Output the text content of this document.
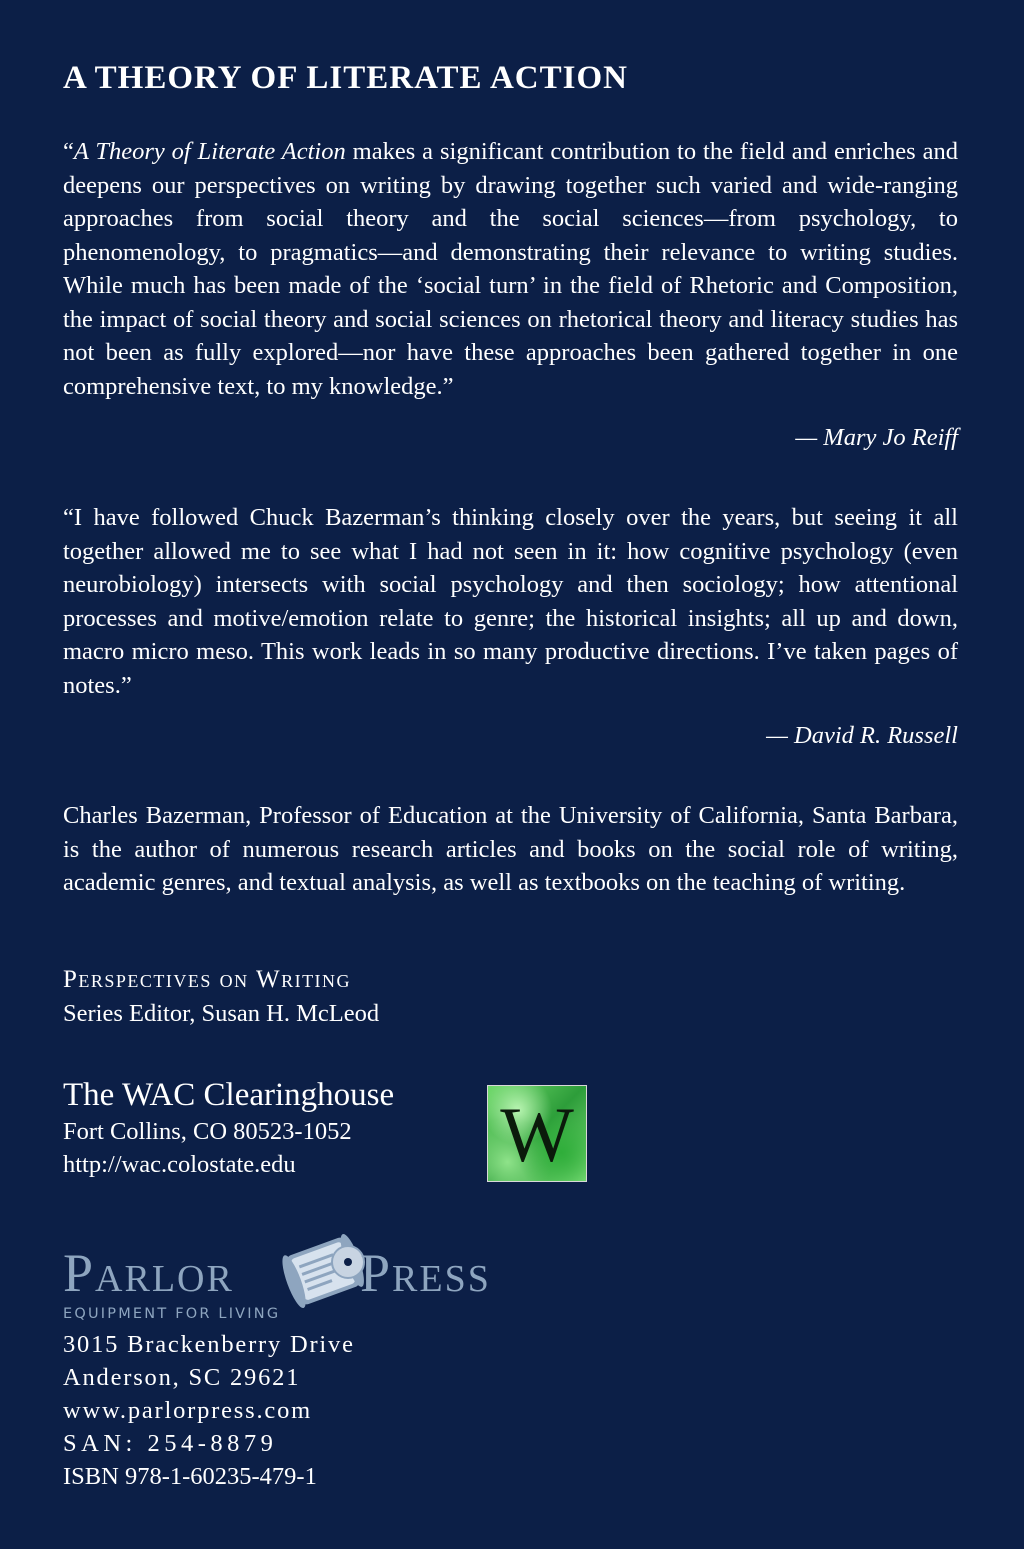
A THEORY OF LITERATE ACTION

“A Theory of Literate Action makes a significant contribution to the field and enriches and deepens our perspectives on writing by drawing together such varied and wide-ranging approaches from social theory and the social sciences—from psychology, to phenomenology, to pragmatics—and demonstrating their relevance to writing studies. While much has been made of the ‘social turn’ in the field of Rhetoric and Composition, the impact of social theory and social sciences on rhetorical theory and literacy studies has not been as fully explored—nor have these approaches been gathered together in one comprehensive text, to my knowledge.”

— Mary Jo Reiff

“I have followed Chuck Bazerman’s thinking closely over the years, but seeing it all together allowed me to see what I had not seen in it: how cognitive psychology (even neurobiology) intersects with social psychology and then sociology; how attentional processes and motive/emotion relate to genre; the historical insights; all up and down, macro micro meso. This work leads in so many productive directions. I’ve taken pages of notes.”

— David R. Russell

Charles Bazerman, Professor of Education at the University of California, Santa Barbara, is the author of numerous research articles and books on the social role of writing, academic genres, and textual analysis, as well as textbooks on the teaching of writing.

Perspectives on Writing
Series Editor, Susan H. McLeod
The WAC Clearinghouse
Fort Collins, CO 80523-1052
http://wac.colostate.edu	W
Parlor Press
EQUIPMENT FOR LIVING
3015 Brackenberry Drive
Anderson, SC 29621
www.parlorpress.com
SAN: 254-8879
ISBN 978-1-60235-479-1
